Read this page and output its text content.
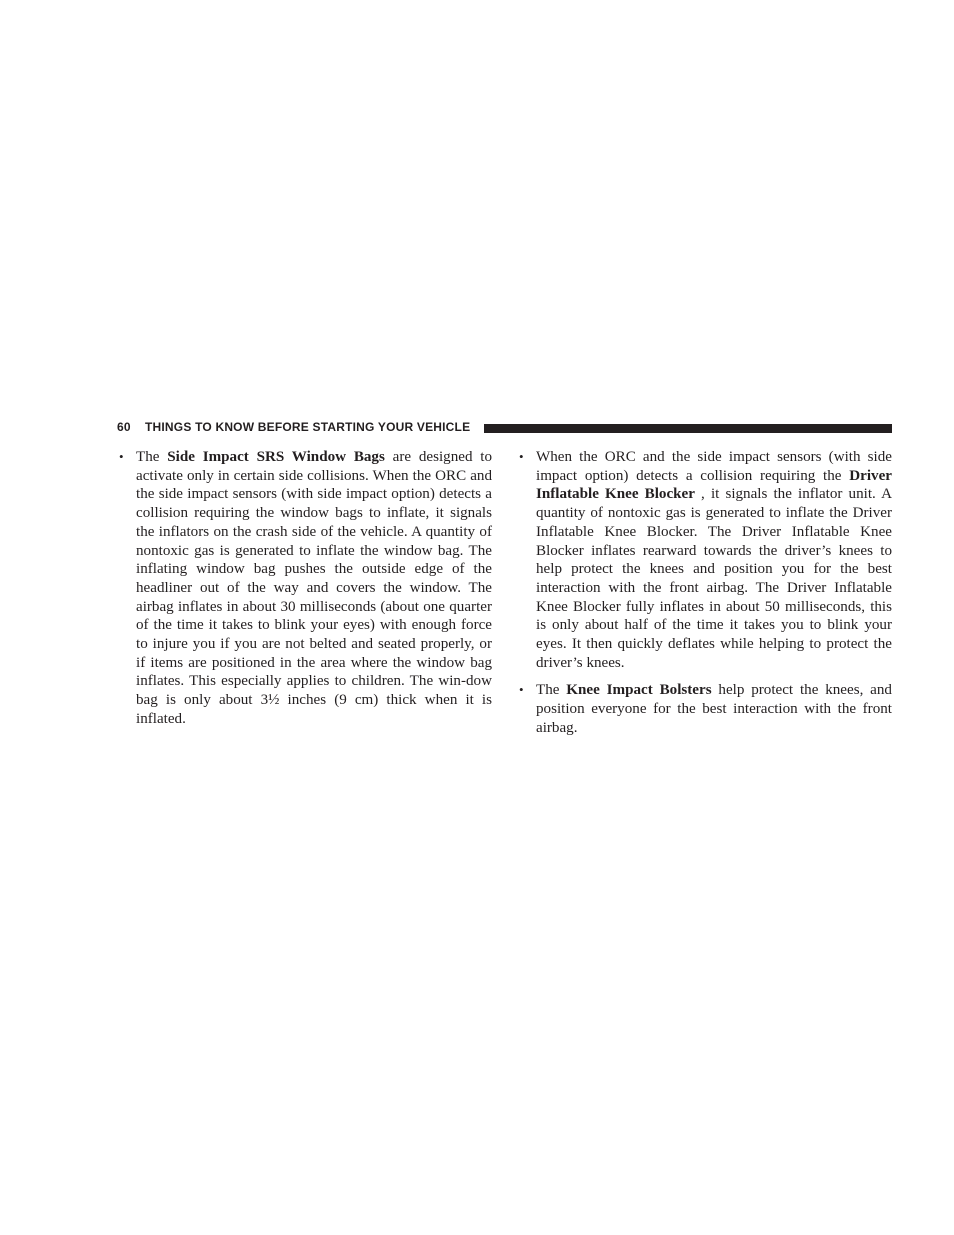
60 THINGS TO KNOW BEFORE STARTING YOUR VEHICLE
• The Side Impact SRS Window Bags are designed to activate only in certain side collisions. When the ORC and the side impact sensors (with side impact option) detects a collision requiring the window bags to inflate, it signals the inflators on the crash side of the vehicle. A quantity of nontoxic gas is generated to inflate the window bag. The inflating window bag pushes the outside edge of the headliner out of the way and covers the window. The airbag inflates in about 30 milliseconds (about one quarter of the time it takes to blink your eyes) with enough force to injure you if you are not belted and seated properly, or if items are positioned in the area where the window bag inflates. This especially applies to children. The win-dow bag is only about 3½ inches (9 cm) thick when it is inflated.

• When the ORC and the side impact sensors (with side impact option) detects a collision requiring the Driver Inflatable Knee Blocker , it signals the inflator unit. A quantity of nontoxic gas is generated to inflate the Driver Inflatable Knee Blocker. The Driver Inflatable Knee Blocker inflates rearward towards the driver’s knees to help protect the knees and position you for the best interaction with the front airbag. The Driver Inflatable Knee Blocker fully inflates in about 50 milliseconds, this is only about half of the time it takes you to blink your eyes. It then quickly deflates while helping to protect the driver’s knees.

• The Knee Impact Bolsters help protect the knees, and position everyone for the best interaction with the front airbag.
